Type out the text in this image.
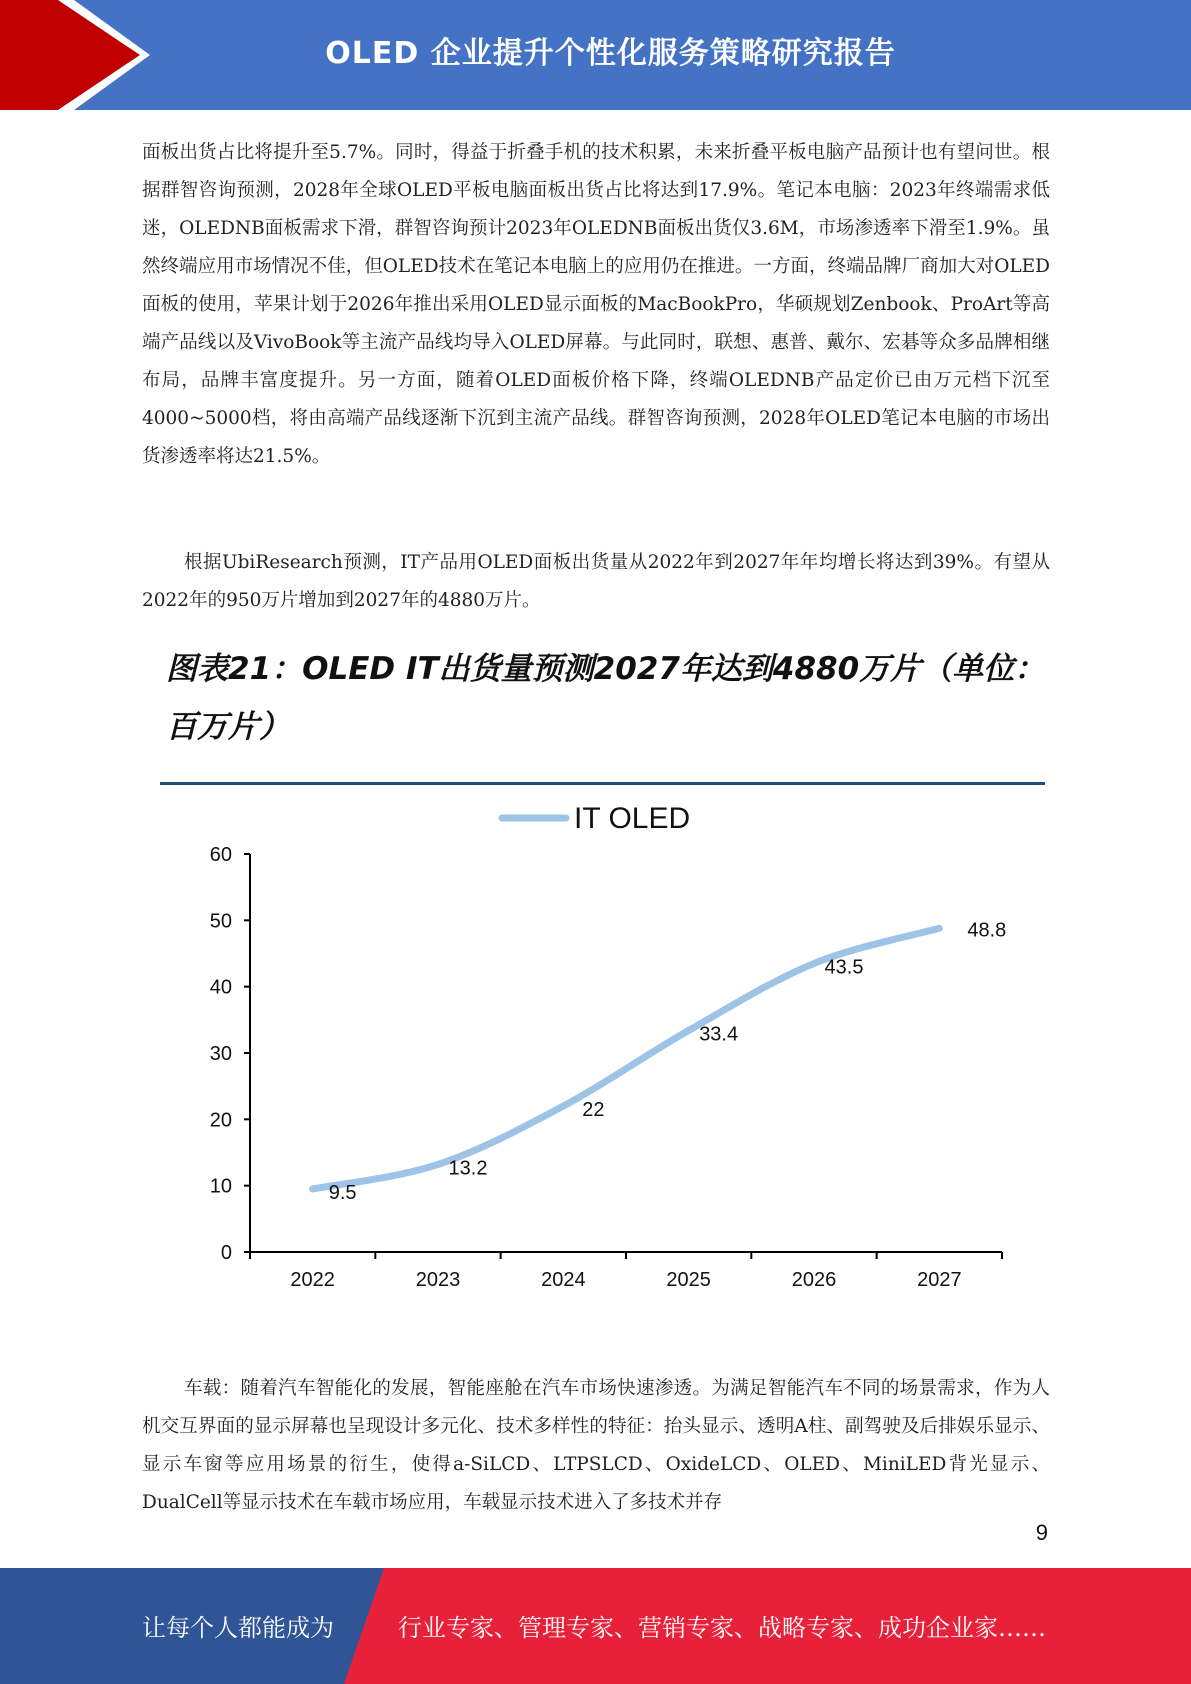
OLED 企业提升个性化服务策略研究报告

面板出货占比将提升至5.7%。同时，得益于折叠手机的技术积累，未来折叠平板电脑产品预计也有望问世。根据群智咨询预测，2028年全球OLED平板电脑面板出货占比将达到17.9%。笔记本电脑：2023年终端需求低迷，OLEDNB面板需求下滑，群智咨询预计2023年OLEDNB面板出货仅3.6M，市场渗透率下滑至1.9%。虽然终端应用市场情况不佳，但OLED技术在笔记本电脑上的应用仍在推进。一方面，终端品牌厂商加大对OLED面板的使用，苹果计划于2026年推出采用OLED显示面板的MacBookPro，华硕规划Zenbook、ProArt等高端产品线以及VivoBook等主流产品线均导入OLED屏幕。与此同时，联想、惠普、戴尔、宏碁等众多品牌相继布局，品牌丰富度提升。另一方面，随着OLED面板价格下降，终端OLEDNB产品定价已由万元档下沉至4000~5000档，将由高端产品线逐渐下沉到主流产品线。群智咨询预测，2028年OLED笔记本电脑的市场出货渗透率将达21.5%。

根据UbiResearch预测，IT产品用OLED面板出货量从2022年到2027年年均增长将达到39%。有望从2022年的950万片增加到2027年的4880万片。

图表21：OLED IT出货量预测2027年达到4880万片（单位：百万片）
IT OLED
0
10
20
30
40
50
60
2022	2023	2024	2025	2026	2027
9.5
13.2
22
33.4
43.5
48.8

车载：随着汽车智能化的发展，智能座舱在汽车市场快速渗透。为满足智能汽车不同的场景需求，作为人机交互界面的显示屏幕也呈现设计多元化、技术多样性的特征：抬头显示、透明A柱、副驾驶及后排娱乐显示、显示车窗等应用场景的衍生，使得a-SiLCD、LTPSLCD、OxideLCD、OLED、MiniLED背光显示、DualCell等显示技术在车载市场应用，车载显示技术进入了多技术并存

9
让每个人都能成为	行业专家、管理专家、营销专家、战略专家、成功企业家……
